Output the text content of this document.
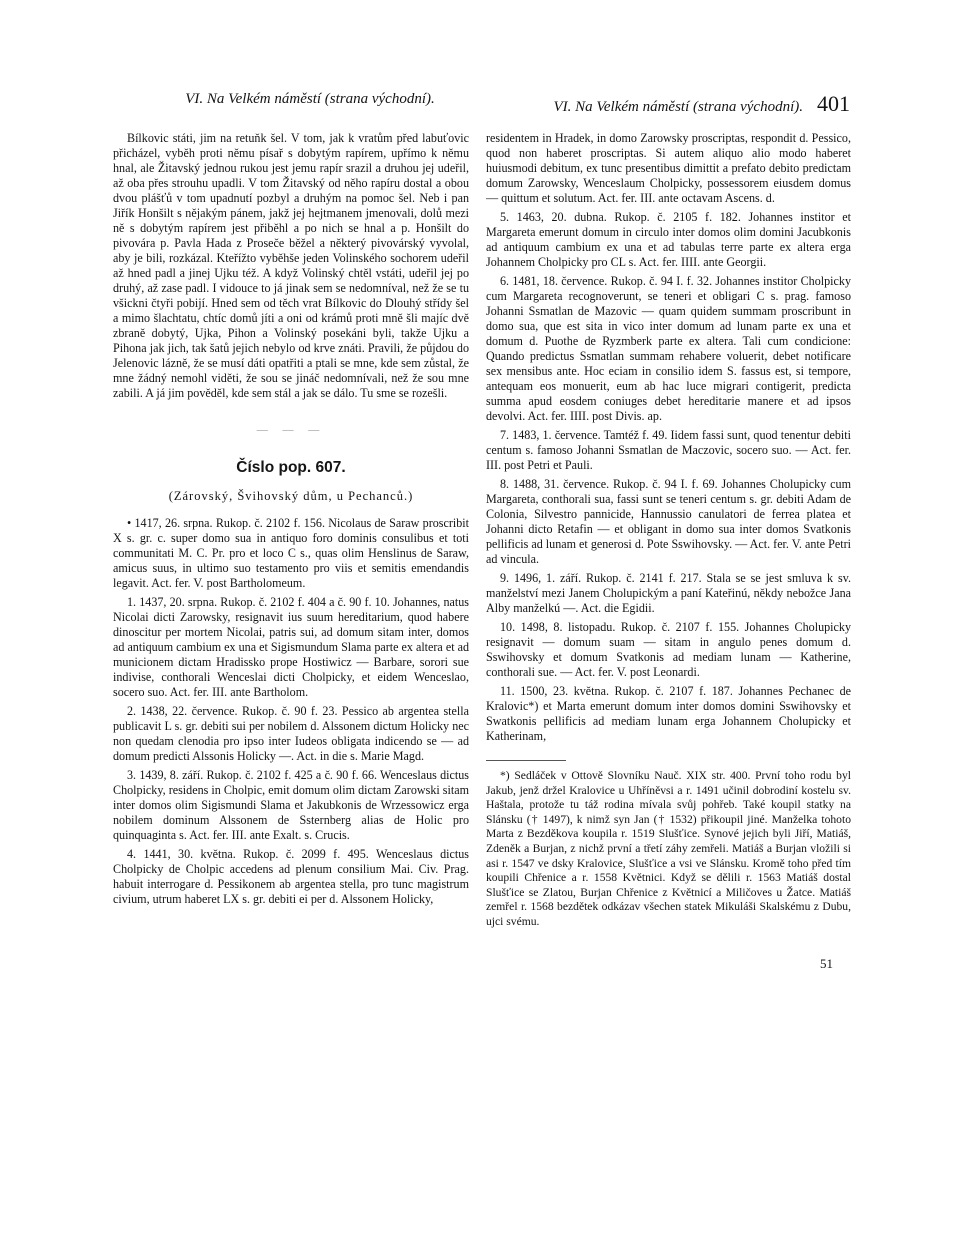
VI. Na Velkém náměstí (strana východní).	VI. Na Velkém náměstí (strana východní). 401

Bílkovic státi, jim na retuňk šel. V tom, jak k vratům před labuťovic přicházel, vyběh proti němu písař s dobytým rapírem, upřímo k němu hnal, ale Žitavský jednou rukou jest jemu rapír srazil a druhou jej udeřil, až oba přes strouhu upadli. V tom Žitavský od něho rapíru dostal a obou dvou plášťů v tom upadnutí pozbyl a druhým na pomoc šel. Neb i pan Jiřík Honšilt s nějakým pánem, jakž jej hejtmanem jmenovali, dolů mezi ně s dobytým rapírem jest přiběhl a po nich se hnal a p. Honšilt do pivovára p. Pavla Hada z Proseče běžel a některý pivovárský vyvolal, aby je bili, rozkázal. Kteřížto vyběhše jeden Volinského sochorem udeřil až hned padl a jinej Ujku též. A když Volinský chtěl vstáti, udeřil jej po druhý, až zase padl. I vidouce to já jinak sem se nedomníval, než že se tu všickni čtyři pobijí. Hned sem od těch vrat Bílkovic do Dlouhý střídy šel a mimo šlachtatu, chtíc domů jíti a oni od krámů proti mně šli majíc dvě zbraně dobytý, Ujka, Pihon a Volinský posekáni byli, takže Ujku a Pihona jak jich, tak šatů jejich nebylo od krve znáti. Pravili, že půjdou do Jelenovic lázně, že se musí dáti opatřiti a ptali se mne, kde sem zůstal, že mne žádný nemohl viděti, že sou se jináč nedomnívali, než že sou mne zabili. A já jim pověděl, kde sem stál a jak se dálo. Tu sme se rozešli.

— — —
Číslo pop. 607.
(Zárovský, Švihovský dům, u Pechanců.)

• 1417, 26. srpna. Rukop. č. 2102 f. 156. Nicolaus de Saraw proscribit X s. gr. c. super domo sua in antiquo foro dominis consulibus et toti communitati M. C. Pr. pro et loco C s., quas olim Henslinus de Saraw, amicus suus, in ultimo suo testamento pro viis et semitis emendandis legavit. Act. fer. V. post Bartholomeum.

1. 1437, 20. srpna. Rukop. č. 2102 f. 404 a č. 90 f. 10. Johannes, natus Nicolai dicti Zarowsky, resignavit ius suum hereditarium, quod habere dinoscitur per mortem Nicolai, patris sui, ad domum sitam inter, domos ad antiquum cambium ex una et Sigismundum Slama parte ex altera et ad municionem dictam Hradissko prope Hostiwicz — Barbare, sorori sue indivise, conthorali Wenceslai dicti Cholpicky, et eidem Wenceslao, socero suo. Act. fer. III. ante Bartholom.

2. 1438, 22. července. Rukop. č. 90 f. 23. Pessico ab argentea stella publicavit L s. gr. debiti sui per nobilem d. Alssonem dictum Holicky nec non quedam clenodia pro ipso inter Iudeos obligata indicendo se — ad domum predicti Alssonis Holicky —. Act. in die s. Marie Magd.

3. 1439, 8. září. Rukop. č. 2102 f. 425 a č. 90 f. 66. Wenceslaus dictus Cholpicky, residens in Cholpic, emit domum olim dictam Zarowski sitam inter domos olim Sigismundi Slama et Jakubkonis de Wrzessowicz erga nobilem dominum Alssonem de Ssternberg alias de Holic pro quinquaginta s. Act. fer. III. ante Exalt. s. Crucis.

4. 1441, 30. května. Rukop. č. 2099 f. 495. Wenceslaus dictus Cholpicky de Cholpic accedens ad plenum consilium Mai. Civ. Prag. habuit interrogare d. Pessikonem ab argentea stella, pro tunc magistrum civium, utrum haberet LX s. gr. debiti ei per d. Alssonem Holicky,

residentem in Hradek, in domo Zarowsky proscriptas, respondit d. Pessico, quod non haberet proscriptas. Si autem aliquo alio modo haberet huiusmodi debitum, ex tunc presentibus dimittit a prefato debito predictam domum Zarowsky, Wenceslaum Cholpicky, possessorem eiusdem domus — quittum et solutum. Act. fer. III. ante octavam Ascens. d.

5. 1463, 20. dubna. Rukop. č. 2105 f. 182. Johannes institor et Margareta emerunt domum in circulo inter domos olim domini Jacubkonis ad antiquum cambium ex una et ad tabulas terre parte ex altera erga Johannem Cholpicky pro CL s. Act. fer. IIII. ante Georgii.

6. 1481, 18. července. Rukop. č. 94 I. f. 32. Johannes institor Cholpicky cum Margareta recognoverunt, se teneri et obligari C s. prag. famoso Johanni Ssmatlan de Mazovic — quam quidem summam proscribunt in domo sua, que est sita in vico inter domum ad lunam parte ex una et domum d. Puothe de Ryzmberk parte ex altera. Tali cum condicione: Quando predictus Ssmatlan summam rehabere voluerit, debet notificare sex mensibus ante. Hoc eciam in consilio idem S. fassus est, si tempore, antequam eos monuerit, eum ab hac luce migrari contigerit, predicta summa apud eosdem coniuges debet hereditarie manere et ad ipsos devolvi. Act. fer. IIII. post Divis. ap.

7. 1483, 1. července. Tamtéž f. 49. Iidem fassi sunt, quod tenentur debiti centum s. famoso Johanni Ssmatlan de Maczovic, socero suo. — Act. fer. III. post Petri et Pauli.

8. 1488, 31. července. Rukop. č. 94 I. f. 69. Johannes Cholupicky cum Margareta, conthorali sua, fassi sunt se teneri centum s. gr. debiti Adam de Colonia, Silvestro pannicide, Hannussio canulatori de ferrea platea et Johanni dicto Retafin — et obligant in domo sua inter domos Svatkonis pellificis ad lunam et generosi d. Pote Sswihovsky. — Act. fer. V. ante Petri ad vincula.

9. 1496, 1. září. Rukop. č. 2141 f. 217. Stala se se jest smluva k sv. manželství mezi Janem Cholupickým a paní Kateřinú, někdy nebožce Jana Alby manželkú —. Act. die Egidii.

10. 1498, 8. listopadu. Rukop. č. 2107 f. 155. Johannes Cholupicky resignavit — domum suam — sitam in angulo penes domum d. Sswihovsky et domum Svatkonis ad mediam lunam — Katherine, conthorali sue. — Act. fer. V. post Leonardi.

11. 1500, 23. května. Rukop. č. 2107 f. 187. Johannes Pechanec de Kralovic*) et Marta emerunt domum inter domos domini Sswihovsky et Swatkonis pellificis ad mediam lunam erga Johannem Cholupicky et Katherinam,

*) Sedláček v Ottově Slovníku Nauč. XIX str. 400. První toho rodu byl Jakub, jenž držel Kralovice u Uhříněvsi a r. 1491 učinil dobrodiní kostelu sv. Haštala, protože tu táž rodina mívala svůj pohřeb. Také koupil statky na Slánsku († 1497), k nimž syn Jan († 1532) přikoupil jiné. Manželka tohoto Marta z Bezděkova koupila r. 1519 Slušťice. Synové jejich byli Jiří, Matiáš, Zdeněk a Burjan, z nichž první a třetí záhy zemřeli. Matiáš a Burjan vložili si asi r. 1547 ve dsky Kralovice, Slušťice a vsi ve Slánsku. Kromě toho před tím koupili Chřenice a r. 1558 Květnici. Když se dělili r. 1563 Matiáš dostal Slušťice se Zlatou, Burjan Chřenice z Květnicí a Miličoves u Žatce. Matiáš zemřel r. 1568 bezdětek odkázav všechen statek Mikuláši Skalskému z Dubu, ujci svému.

51
